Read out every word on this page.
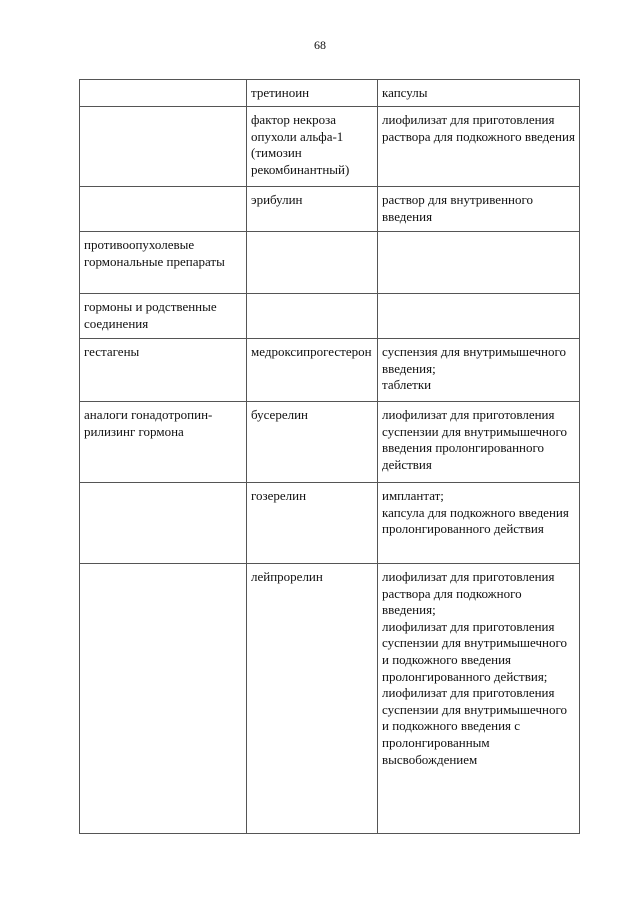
68
	третиноин	капсулы

	фактор некроза опухоли альфа-1 (тимозин рекомбинантный)	лиофилизат для приготовления раствора для подкожного введения

	эрибулин	раствор для внутривенного введения

противоопухолевые гормональные препараты		

гормоны и родственные соединения		

гестагены	медроксипрогестерон	суспензия для внутримышечного введения;
таблетки

аналоги гонадотропин-рилизинг гормона	бусерелин	лиофилизат для приготовления суспензии для внутримышечного введения пролонгированного действия

	гозерелин	имплантат;
капсула для подкожного введения пролонгированного действия

	лейпрорелин	лиофилизат для приготовления раствора для подкожного введения;
лиофилизат для приготовления суспензии для внутримышечного и подкожного введения пролонгированного действия;
лиофилизат для приготовления суспензии для внутримышечного и подкожного введения с пролонгированным высвобождением
